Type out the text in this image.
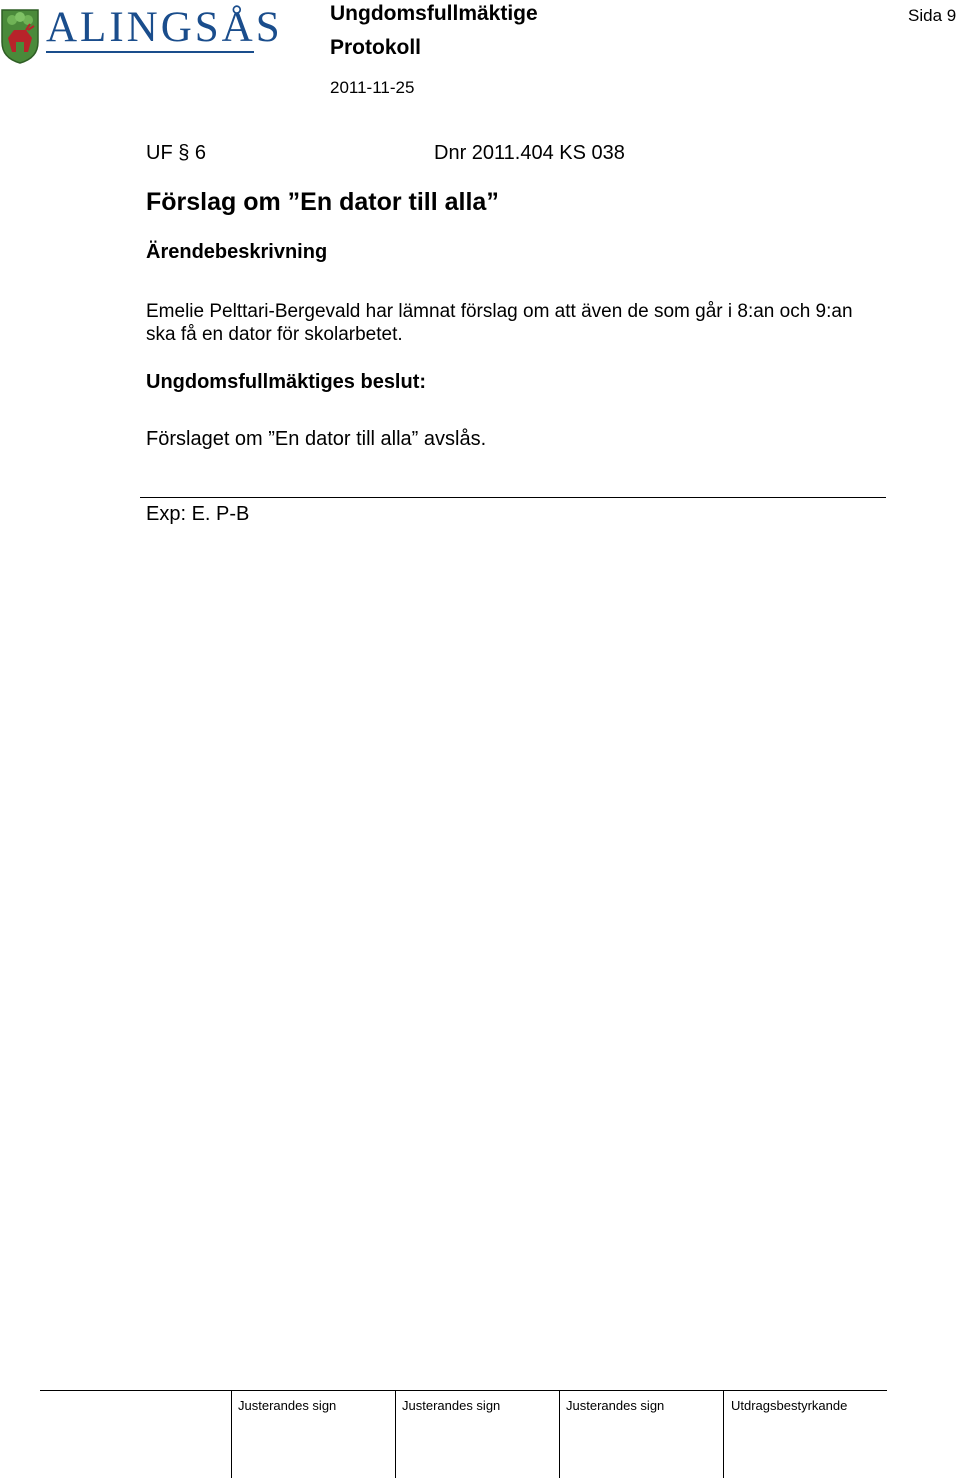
ALINGSÅS Ungdomsfullmäktige
Protokoll
2011-11-25
Sida 9
UF § 6	Dnr 2011.404 KS 038
Förslag om ”En dator till alla”
Ärendebeskrivning
Emelie Pelttari-Bergevald har lämnat förslag om att även de som går i 8:an och 9:an ska få en dator för skolarbetet.
Ungdomsfullmäktiges beslut:
Förslaget om ”En dator till alla” avslås.
Exp: E. P-B
Justerandes sign	Justerandes sign	Justerandes sign	Utdragsbestyrkande
